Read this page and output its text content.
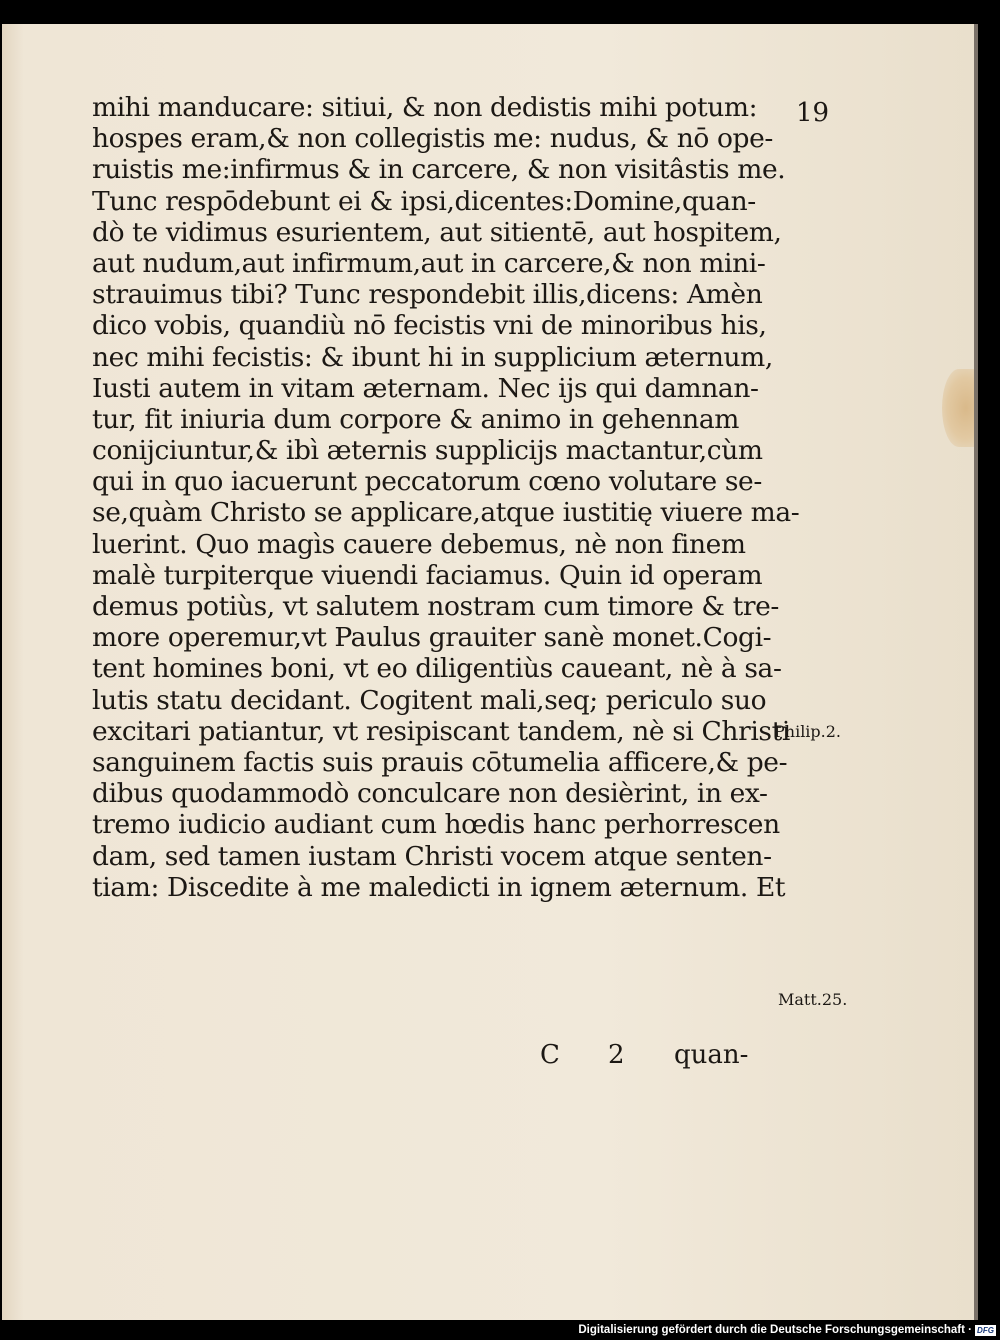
19
mihi manducare: sitiui, & non dedistis mihi potum:
hospes eram,& non collegistis me: nudus, & nō ope-
ruistis me:infirmus & in carcere, & non visitâstis me.
Tunc respōdebunt ei & ipsi,dicentes:Domine,quan-
dò te vidimus esurientem, aut sitientē, aut hospitem,
aut nudum,aut infirmum,aut in carcere,& non mini-
strauimus tibi? Tunc respondebit illis,dicens: Amèn
dico vobis, quandiù nō fecistis vni de minoribus his,
nec mihi fecistis: & ibunt hi in supplicium æternum,
Iusti autem in vitam æternam. Nec ijs qui damnan-
tur, fit iniuria dum corpore & animo in gehennam
conijciuntur,& ibì æternis supplicijs mactantur,cùm
qui in quo iacuerunt peccatorum cœno volutare se-
se,quàm Christo se applicare,atque iustitię viuere ma-
luerint. Quo magìs cauere debemus, nè non finem
malè turpiterque viuendi faciamus. Quin id operam
demus potiùs, vt salutem nostram cum timore & tre-
more operemur,vt Paulus grauiter sanè monet.Cogi-
tent homines boni, vt eo diligentiùs caueant, nè à sa-
lutis statu decidant. Cogitent mali,seq; periculo suo
excitari patiantur, vt resipiscant tandem, nè si Christi
sanguinem factis suis prauis cōtumelia afficere,& pe-
dibus quodammodò conculcare non desièrint, in ex-
tremo iudicio audiant cum hœdis hanc perhorrescen
dam, sed tamen iustam Christi vocem atque senten-
tiam: Discedite à me maledicti in ignem æternum. Et
Philip.2.
Matt.25.
C 2 quan-
Digitalisierung gefördert durch die Deutsche Forschungsgemeinschaft · DFG
